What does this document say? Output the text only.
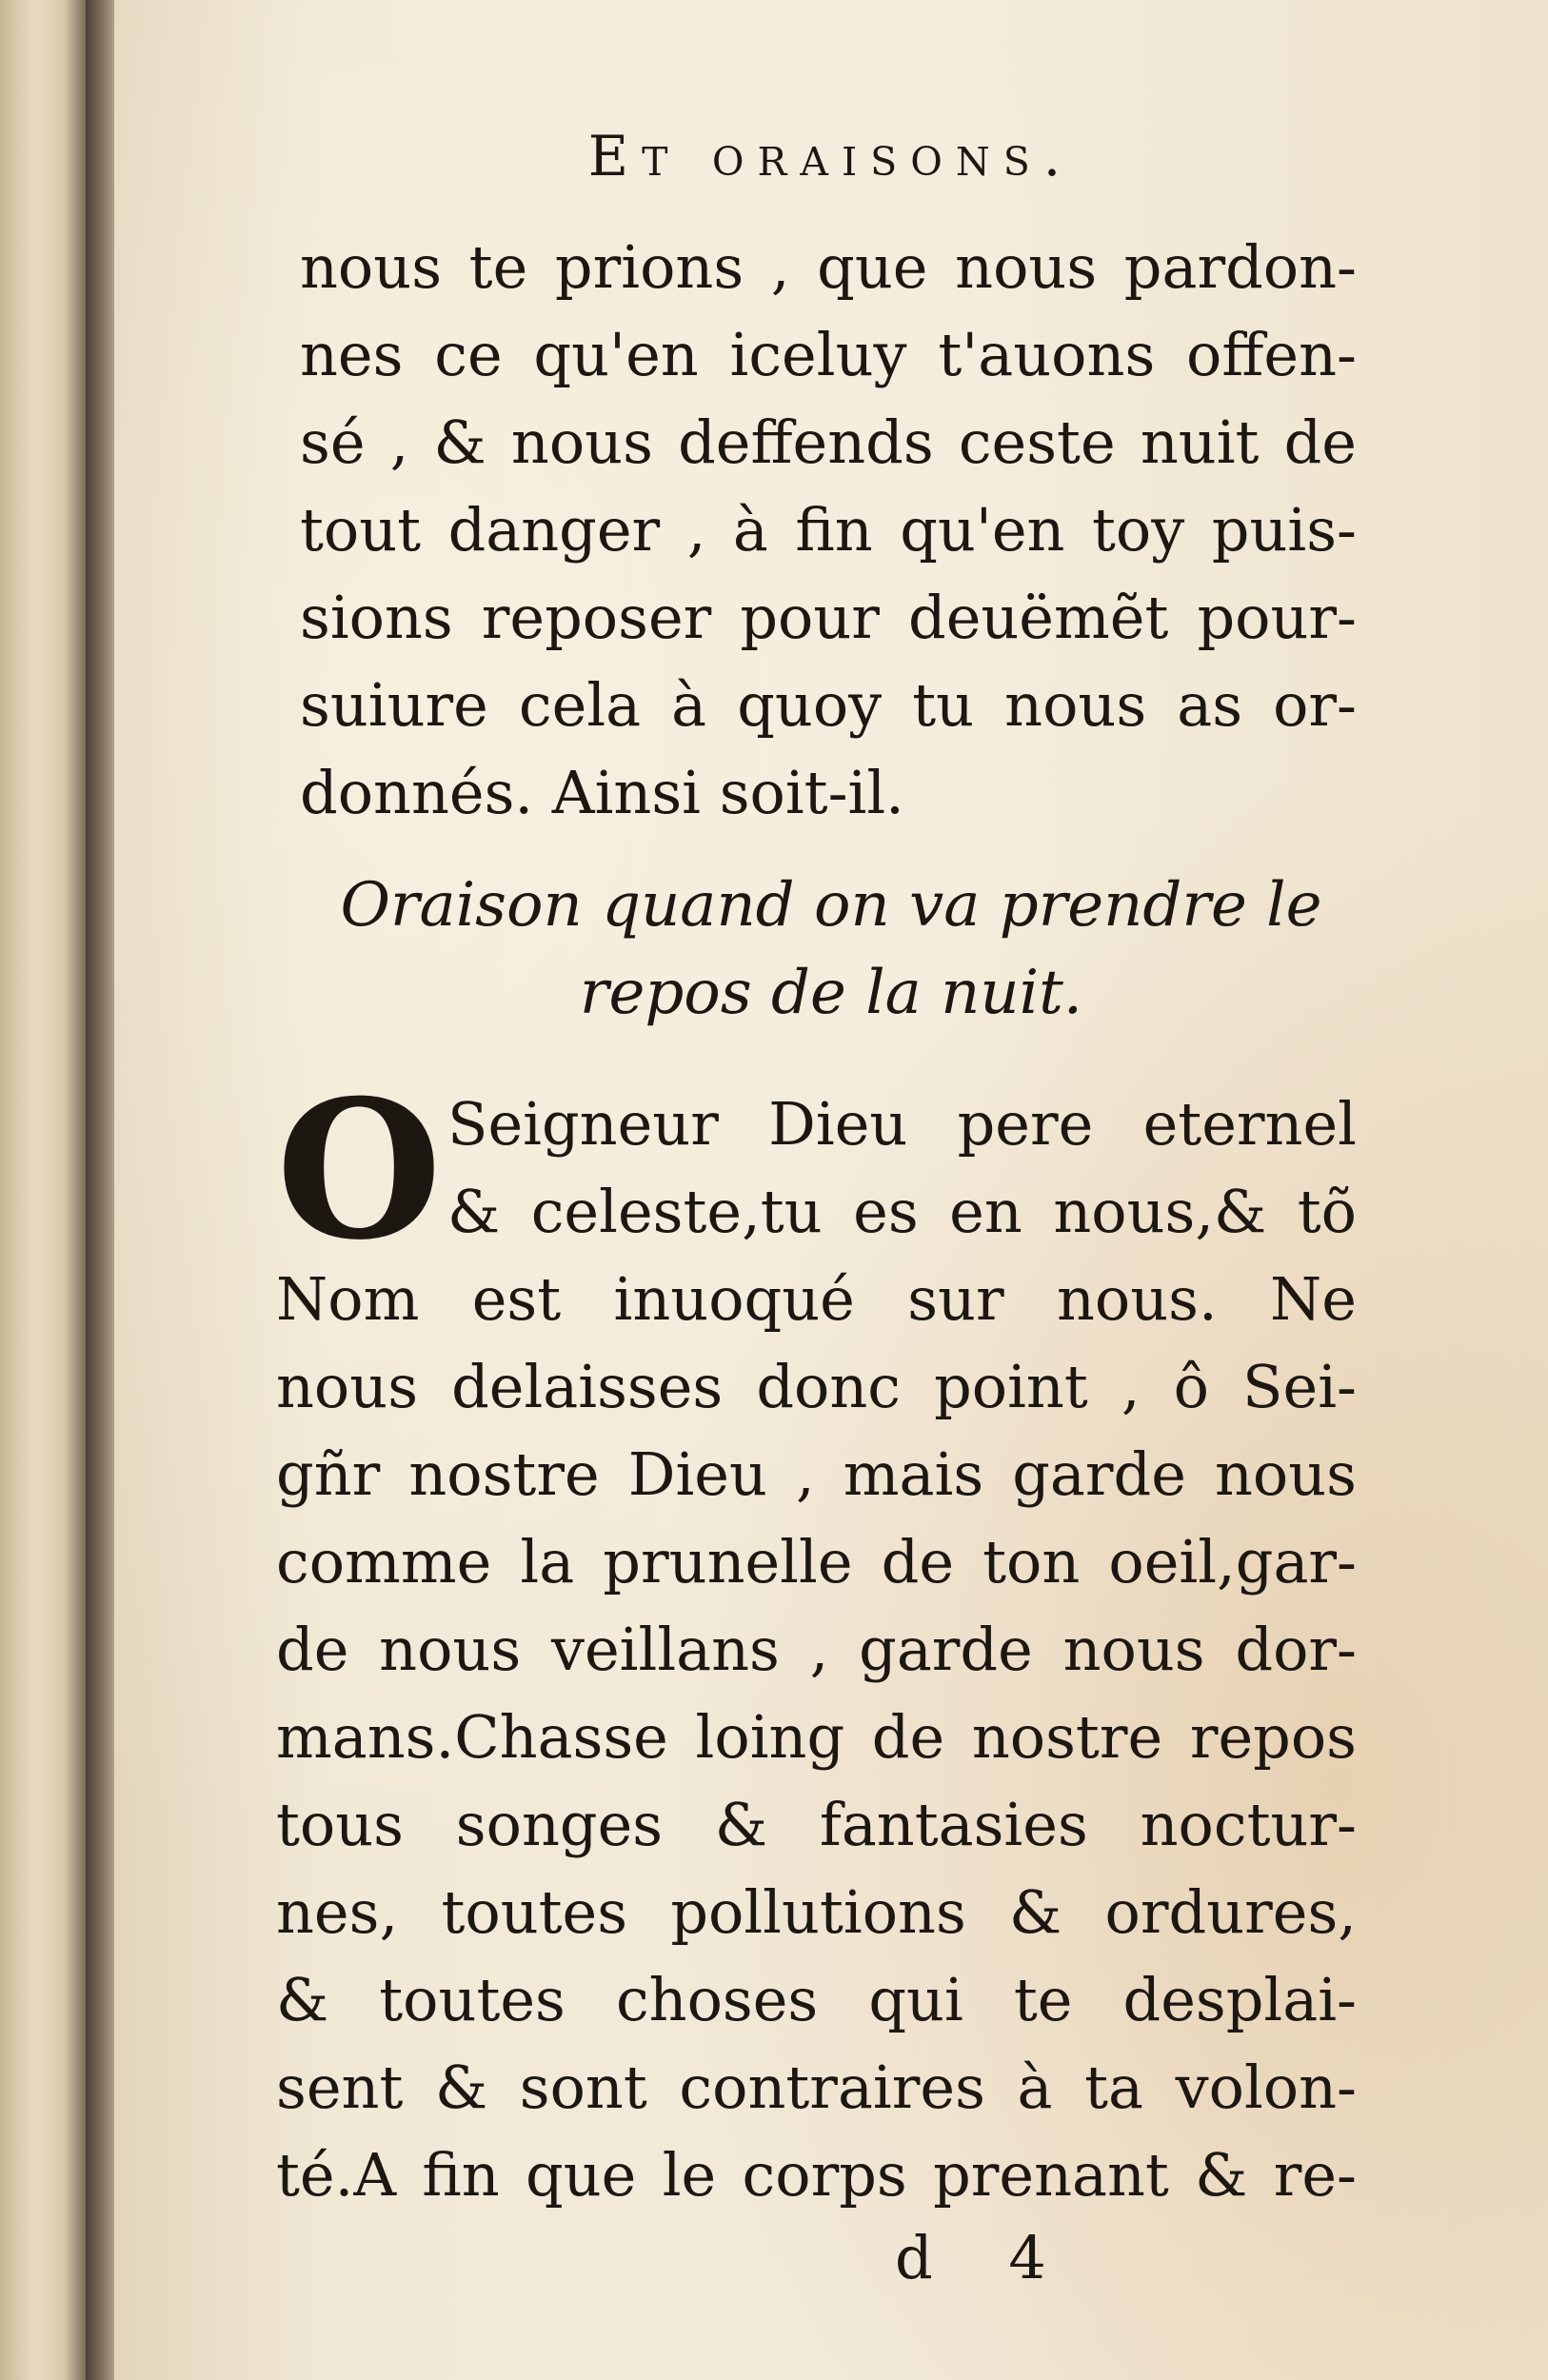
Et oraisons.
nous te prions , que nous pardon-
nes ce qu'en iceluy t'auons offen-
sé , & nous deffends ceste nuit de
tout danger , à fin qu'en toy puis-
sions reposer pour deuëmẽt pour-
suiure cela à quoy tu nous as or-
donnés. Ainsi soit-il.
Oraison quand on va prendre le
repos de la nuit.
O Seigneur Dieu pere eternel
& celeste,tu es en nous,& tõ
Nom est inuoqué sur nous. Ne
nous delaisses donc point , ô Sei-
gñr nostre Dieu , mais garde nous
comme la prunelle de ton oeil,gar-
de nous veillans , garde nous dor-
mans.Chasse loing de nostre repos
tous songes & fantasies noctur-
nes, toutes pollutions & ordures,
& toutes choses qui te desplai-
sent & sont contraires à ta volon-
té.A fin que le corps prenant & re-
d 4
